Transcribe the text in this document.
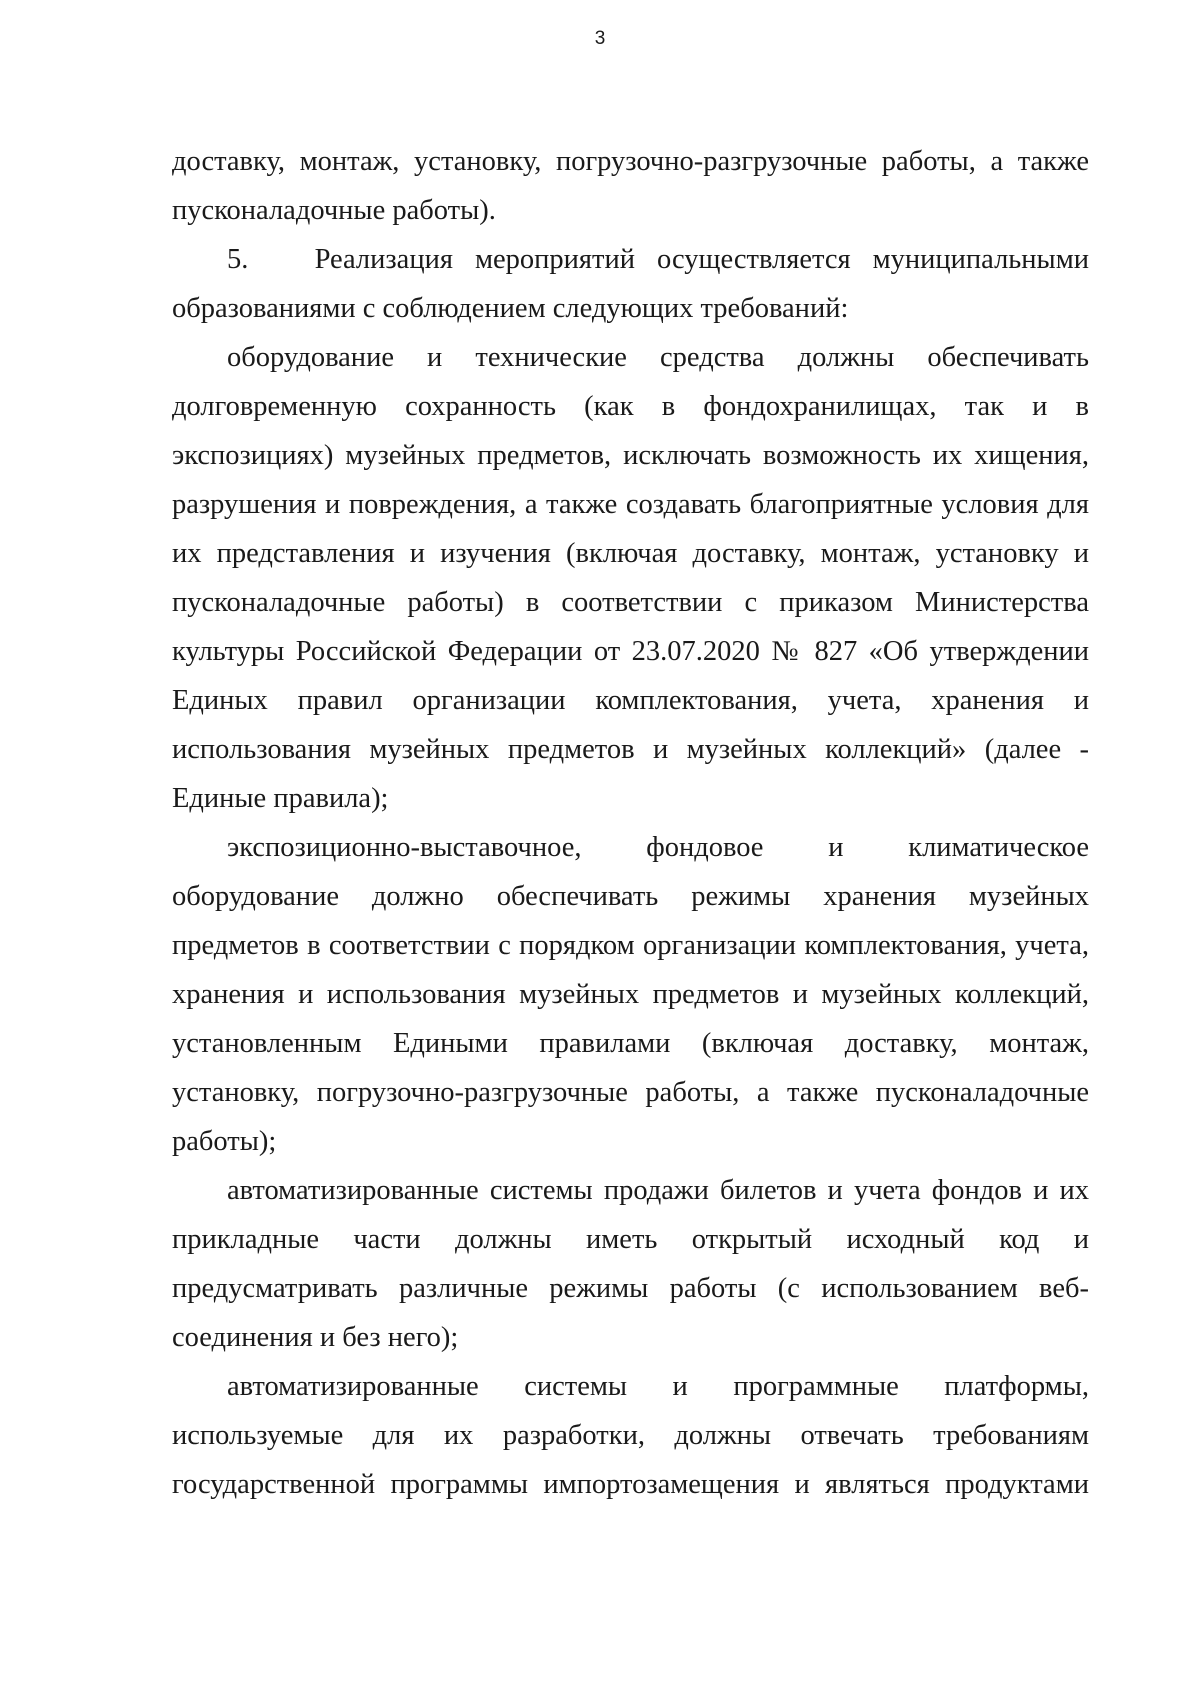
3

доставку, монтаж, установку, погрузочно-разгрузочные работы, а также пусконаладочные работы).

5.   Реализация мероприятий осуществляется муниципальными образованиями с соблюдением следующих требований:

оборудование и технические средства должны обеспечивать долговременную сохранность (как в фондохранилищах, так и в экспозициях) музейных предметов, исключать возможность их хищения, разрушения и повреждения, а также создавать благоприятные условия для их представления и изучения (включая доставку, монтаж, установку и пусконаладочные работы) в соответствии с приказом Министерства культуры Российской Федерации от 23.07.2020 № 827 «Об утверждении Единых правил организации комплектования, учета, хранения и использования музейных предметов и музейных коллекций» (далее - Единые правила);

экспозиционно-выставочное, фондовое и климатическое оборудование должно обеспечивать режимы хранения музейных предметов в соответствии с порядком организации комплектования, учета, хранения и использования музейных предметов и музейных коллекций, установленным Едиными правилами (включая доставку, монтаж, установку, погрузочно-разгрузочные работы, а также пусконаладочные работы);

автоматизированные системы продажи билетов и учета фондов и их прикладные части должны иметь открытый исходный код и предусматривать различные режимы работы (с использованием веб-соединения и без него);

автоматизированные системы и программные платформы, используемые для их разработки, должны отвечать требованиям государственной программы импортозамещения и являться продуктами
